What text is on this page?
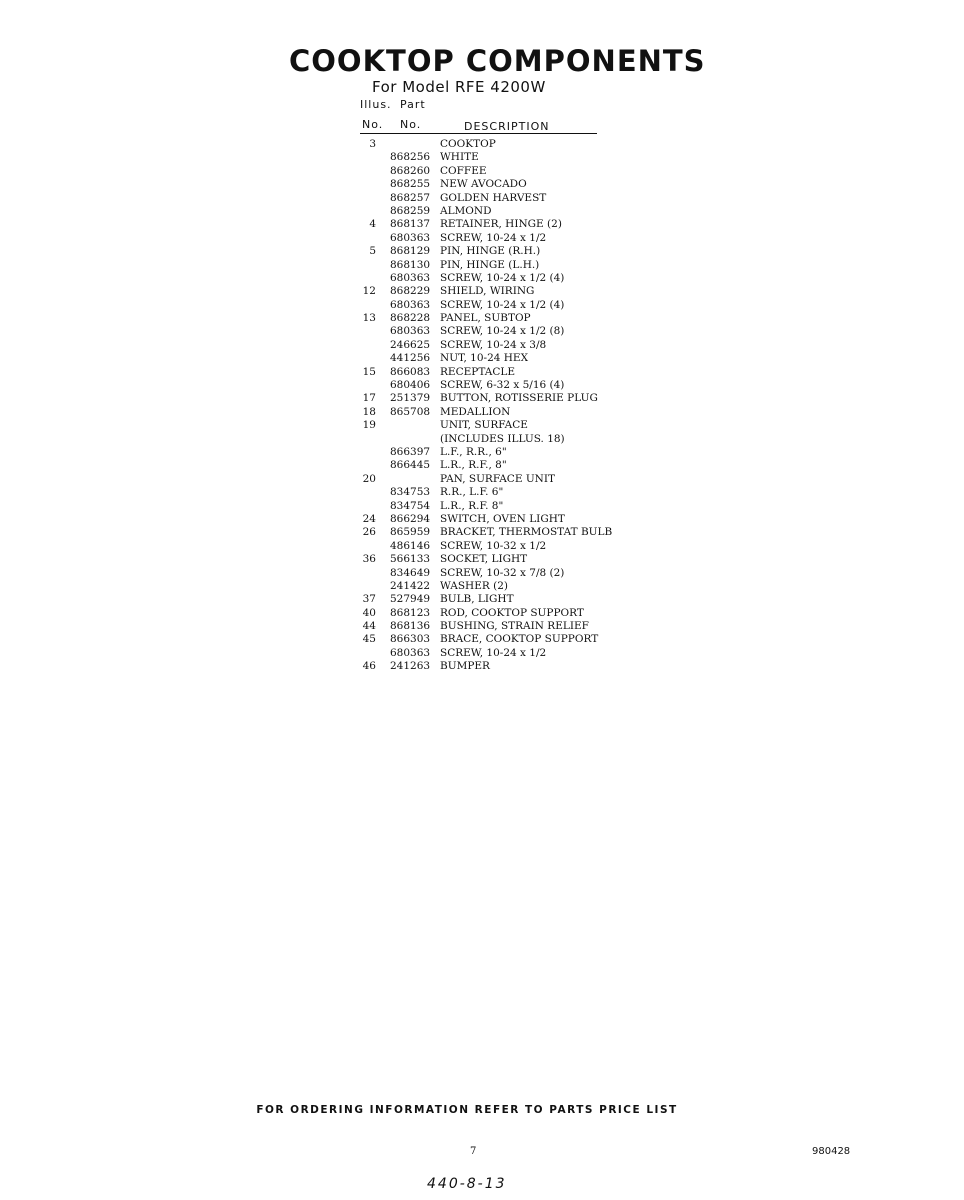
COOKTOP COMPONENTS
For Model RFE 4200W
Illus. Part
No. No.	DESCRIPTION
3	COOKTOP
868256 WHITE
868260 COFFEE
868255 NEW AVOCADO
868257 GOLDEN HARVEST
868259 ALMOND
4 868137 RETAINER, HINGE (2)
680363 SCREW, 10-24 x 1/2
5 868129 PIN, HINGE (R.H.)
868130 PIN, HINGE (L.H.)
680363 SCREW, 10-24 x 1/2 (4)
12 868229 SHIELD, WIRING
680363 SCREW, 10-24 x 1/2 (4)
13 868228 PANEL, SUBTOP
680363 SCREW, 10-24 x 1/2 (8)
246625 SCREW, 10-24 x 3/8
441256 NUT, 10-24 HEX
15 866083 RECEPTACLE
680406 SCREW, 6-32 x 5/16 (4)
17 251379 BUTTON, ROTISSERIE PLUG
18 865708 MEDALLION
19	UNIT, SURFACE
(INCLUDES ILLUS. 18)
866397 L.F., R.R., 6"
866445 L.R., R.F., 8"
20	PAN, SURFACE UNIT
834753 R.R., L.F. 6"
834754 L.R., R.F. 8"
24 866294 SWITCH, OVEN LIGHT
26 865959 BRACKET, THERMOSTAT BULB
486146 SCREW, 10-32 x 1/2
36 566133 SOCKET, LIGHT
834649 SCREW, 10-32 x 7/8 (2)
241422 WASHER (2)
37 527949 BULB, LIGHT
40 868123 ROD, COOKTOP SUPPORT
44 868136 BUSHING, STRAIN RELIEF
45 866303 BRACE, COOKTOP SUPPORT
680363 SCREW, 10-24 x 1/2
46 241263 BUMPER
FOR ORDERING INFORMATION REFER TO PARTS PRICE LIST
7	980428
440-8-13
